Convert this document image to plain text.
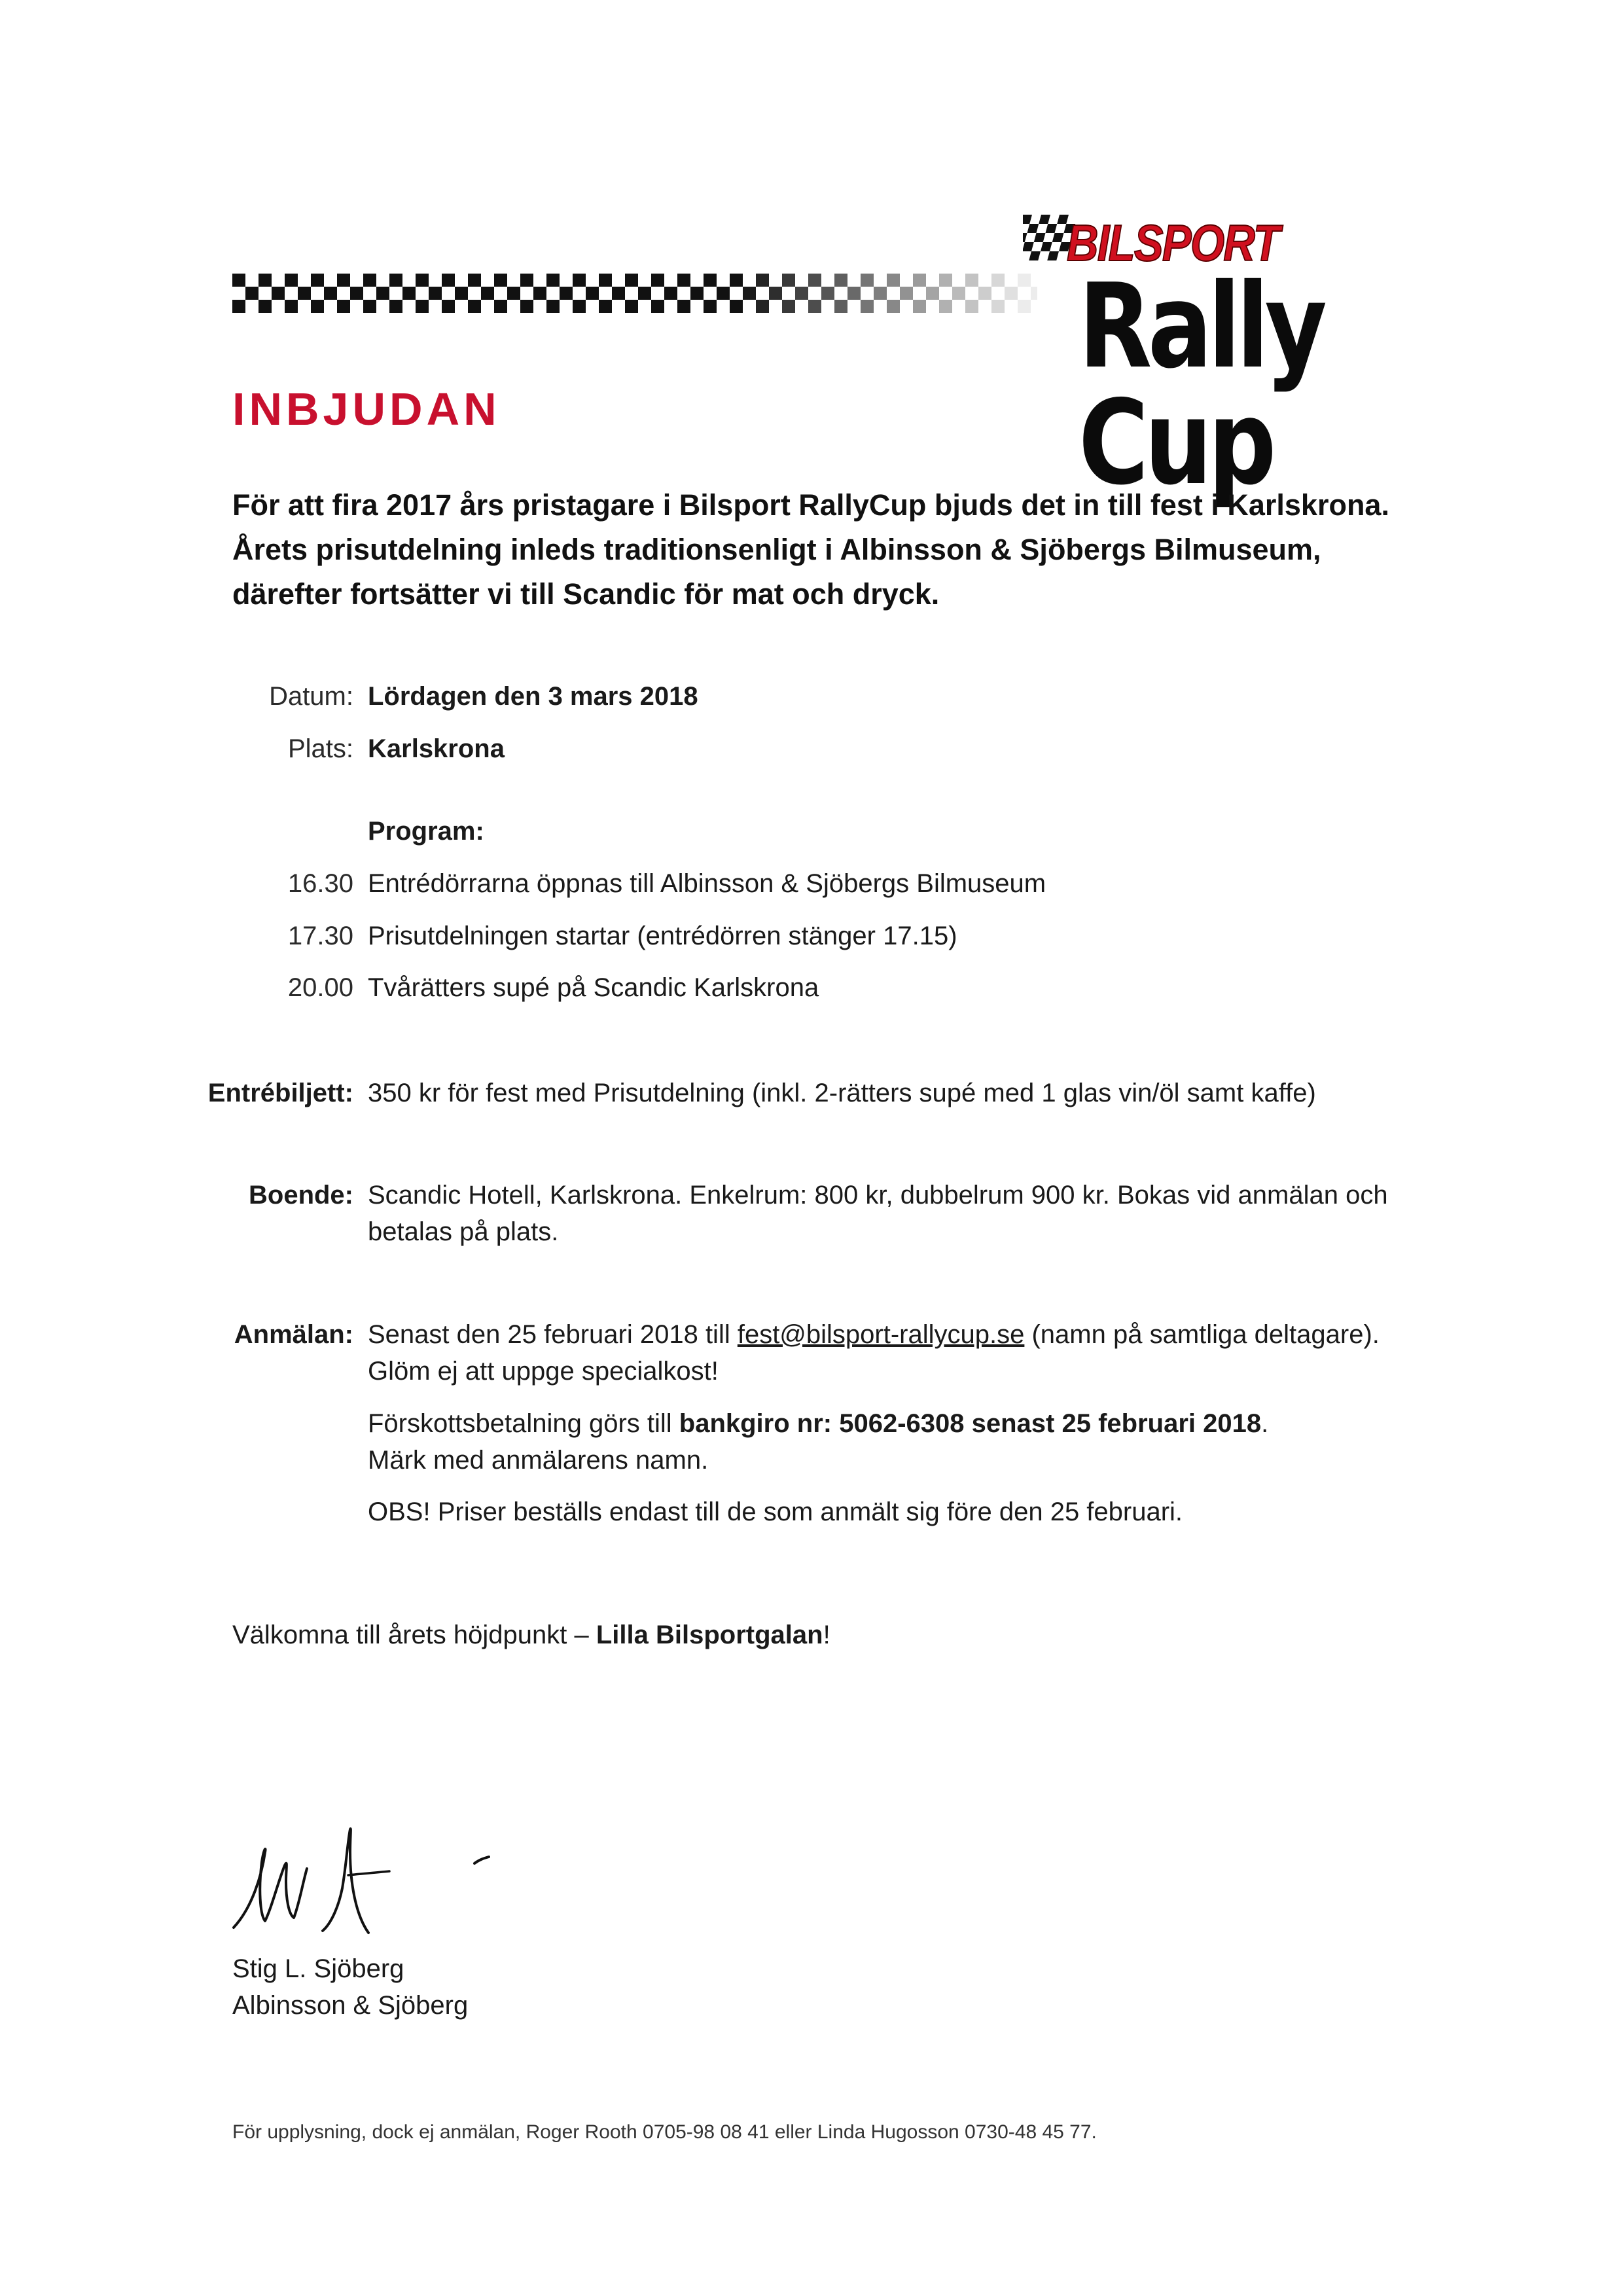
BILSPORT
Rally Cup
INBJUDAN
För att fira 2017 års pristagare i Bilsport RallyCup bjuds det in till fest i Karlskrona.
Årets prisutdelning inleds traditionsenligt i Albinsson & Sjöbergs Bilmuseum,
därefter fortsätter vi till Scandic för mat och dryck.
Datum: Lördagen den 3 mars 2018
Plats: Karlskrona
Program:
16.30 Entrédörrarna öppnas till Albinsson & Sjöbergs Bilmuseum
17.30 Prisutdelningen startar (entrédörren stänger 17.15)
20.00 Tvårätters supé på Scandic Karlskrona
Entrébiljett: 350 kr för fest med Prisutdelning (inkl. 2-rätters supé med 1 glas vin/öl samt kaffe)
Boende: Scandic Hotell, Karlskrona. Enkelrum: 800 kr, dubbelrum 900 kr. Bokas vid anmälan och
betalas på plats.
Anmälan: Senast den 25 februari 2018 till fest@bilsport-rallycup.se (namn på samtliga deltagare).
Glöm ej att uppge specialkost!
Förskottsbetalning görs till bankgiro nr: 5062-6308 senast 25 februari 2018.
Märk med anmälarens namn.
OBS! Priser beställs endast till de som anmält sig före den 25 februari.
Välkomna till årets höjdpunkt – Lilla Bilsportgalan!
Stig L. Sjöberg
Albinsson & Sjöberg
För upplysning, dock ej anmälan, Roger Rooth 0705-98 08 41 eller Linda Hugosson 0730-48 45 77.
